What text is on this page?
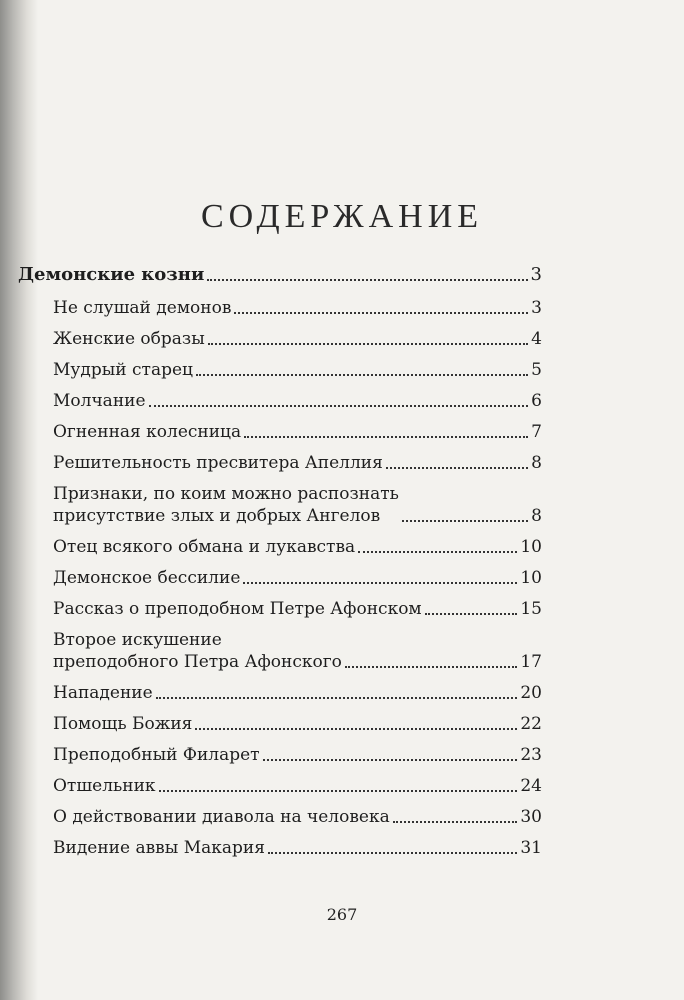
СОДЕРЖАНИЕ
Демонские козни	3
Не слушай демонов	3
Женские образы	4
Мудрый старец	5
Молчание	6
Огненная колесница	7
Решительность пресвитера Апеллия	8
Признаки, по коим можно распознать
присутствие злых и добрых Ангелов	8
Отец всякого обмана и лукавства	10
Демонское бессилие	10
Рассказ о преподобном Петре Афонском	15
Второе искушение
преподобного Петра Афонского	17
Нападение	20
Помощь Божия	22
Преподобный Филарет	23
Отшельник	24
О действовании диавола на человека	30
Видение аввы Макария	31
267
